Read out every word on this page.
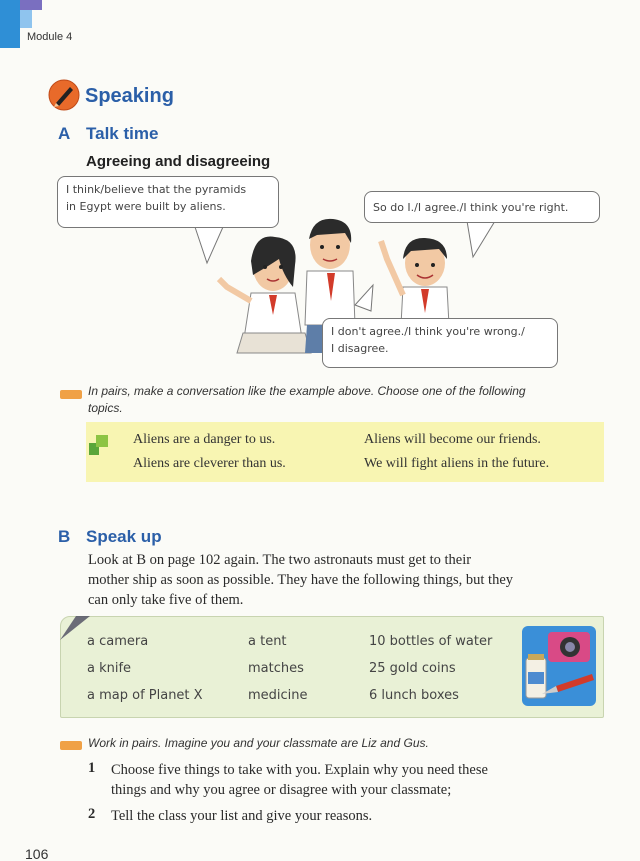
Module 4
Speaking
A Talk time
Agreeing and disagreeing
I think/believe that the pyramids
in Egypt were built by aliens.	So do I./I agree./I think you're right.
I don't agree./I think you're wrong./
I disagree.
In pairs, make a conversation like the example above. Choose one of the following
topics.
Aliens are a danger to us.	Aliens will become our friends.
Aliens are cleverer than us.	We will fight aliens in the future.
B Speak up
Look at B on page 102 again. The two astronauts must get to their
mother ship as soon as possible. They have the following things, but they
can only take five of them.
a camera	a tent	10 bottles of water
a knife	matches	25 gold coins
a map of Planet X	medicine	6 lunch boxes
Work in pairs. Imagine you and your classmate are Liz and Gus.
1 Choose five things to take with you. Explain why you need these
things and why you agree or disagree with your classmate;
2 Tell the class your list and give your reasons.
106
